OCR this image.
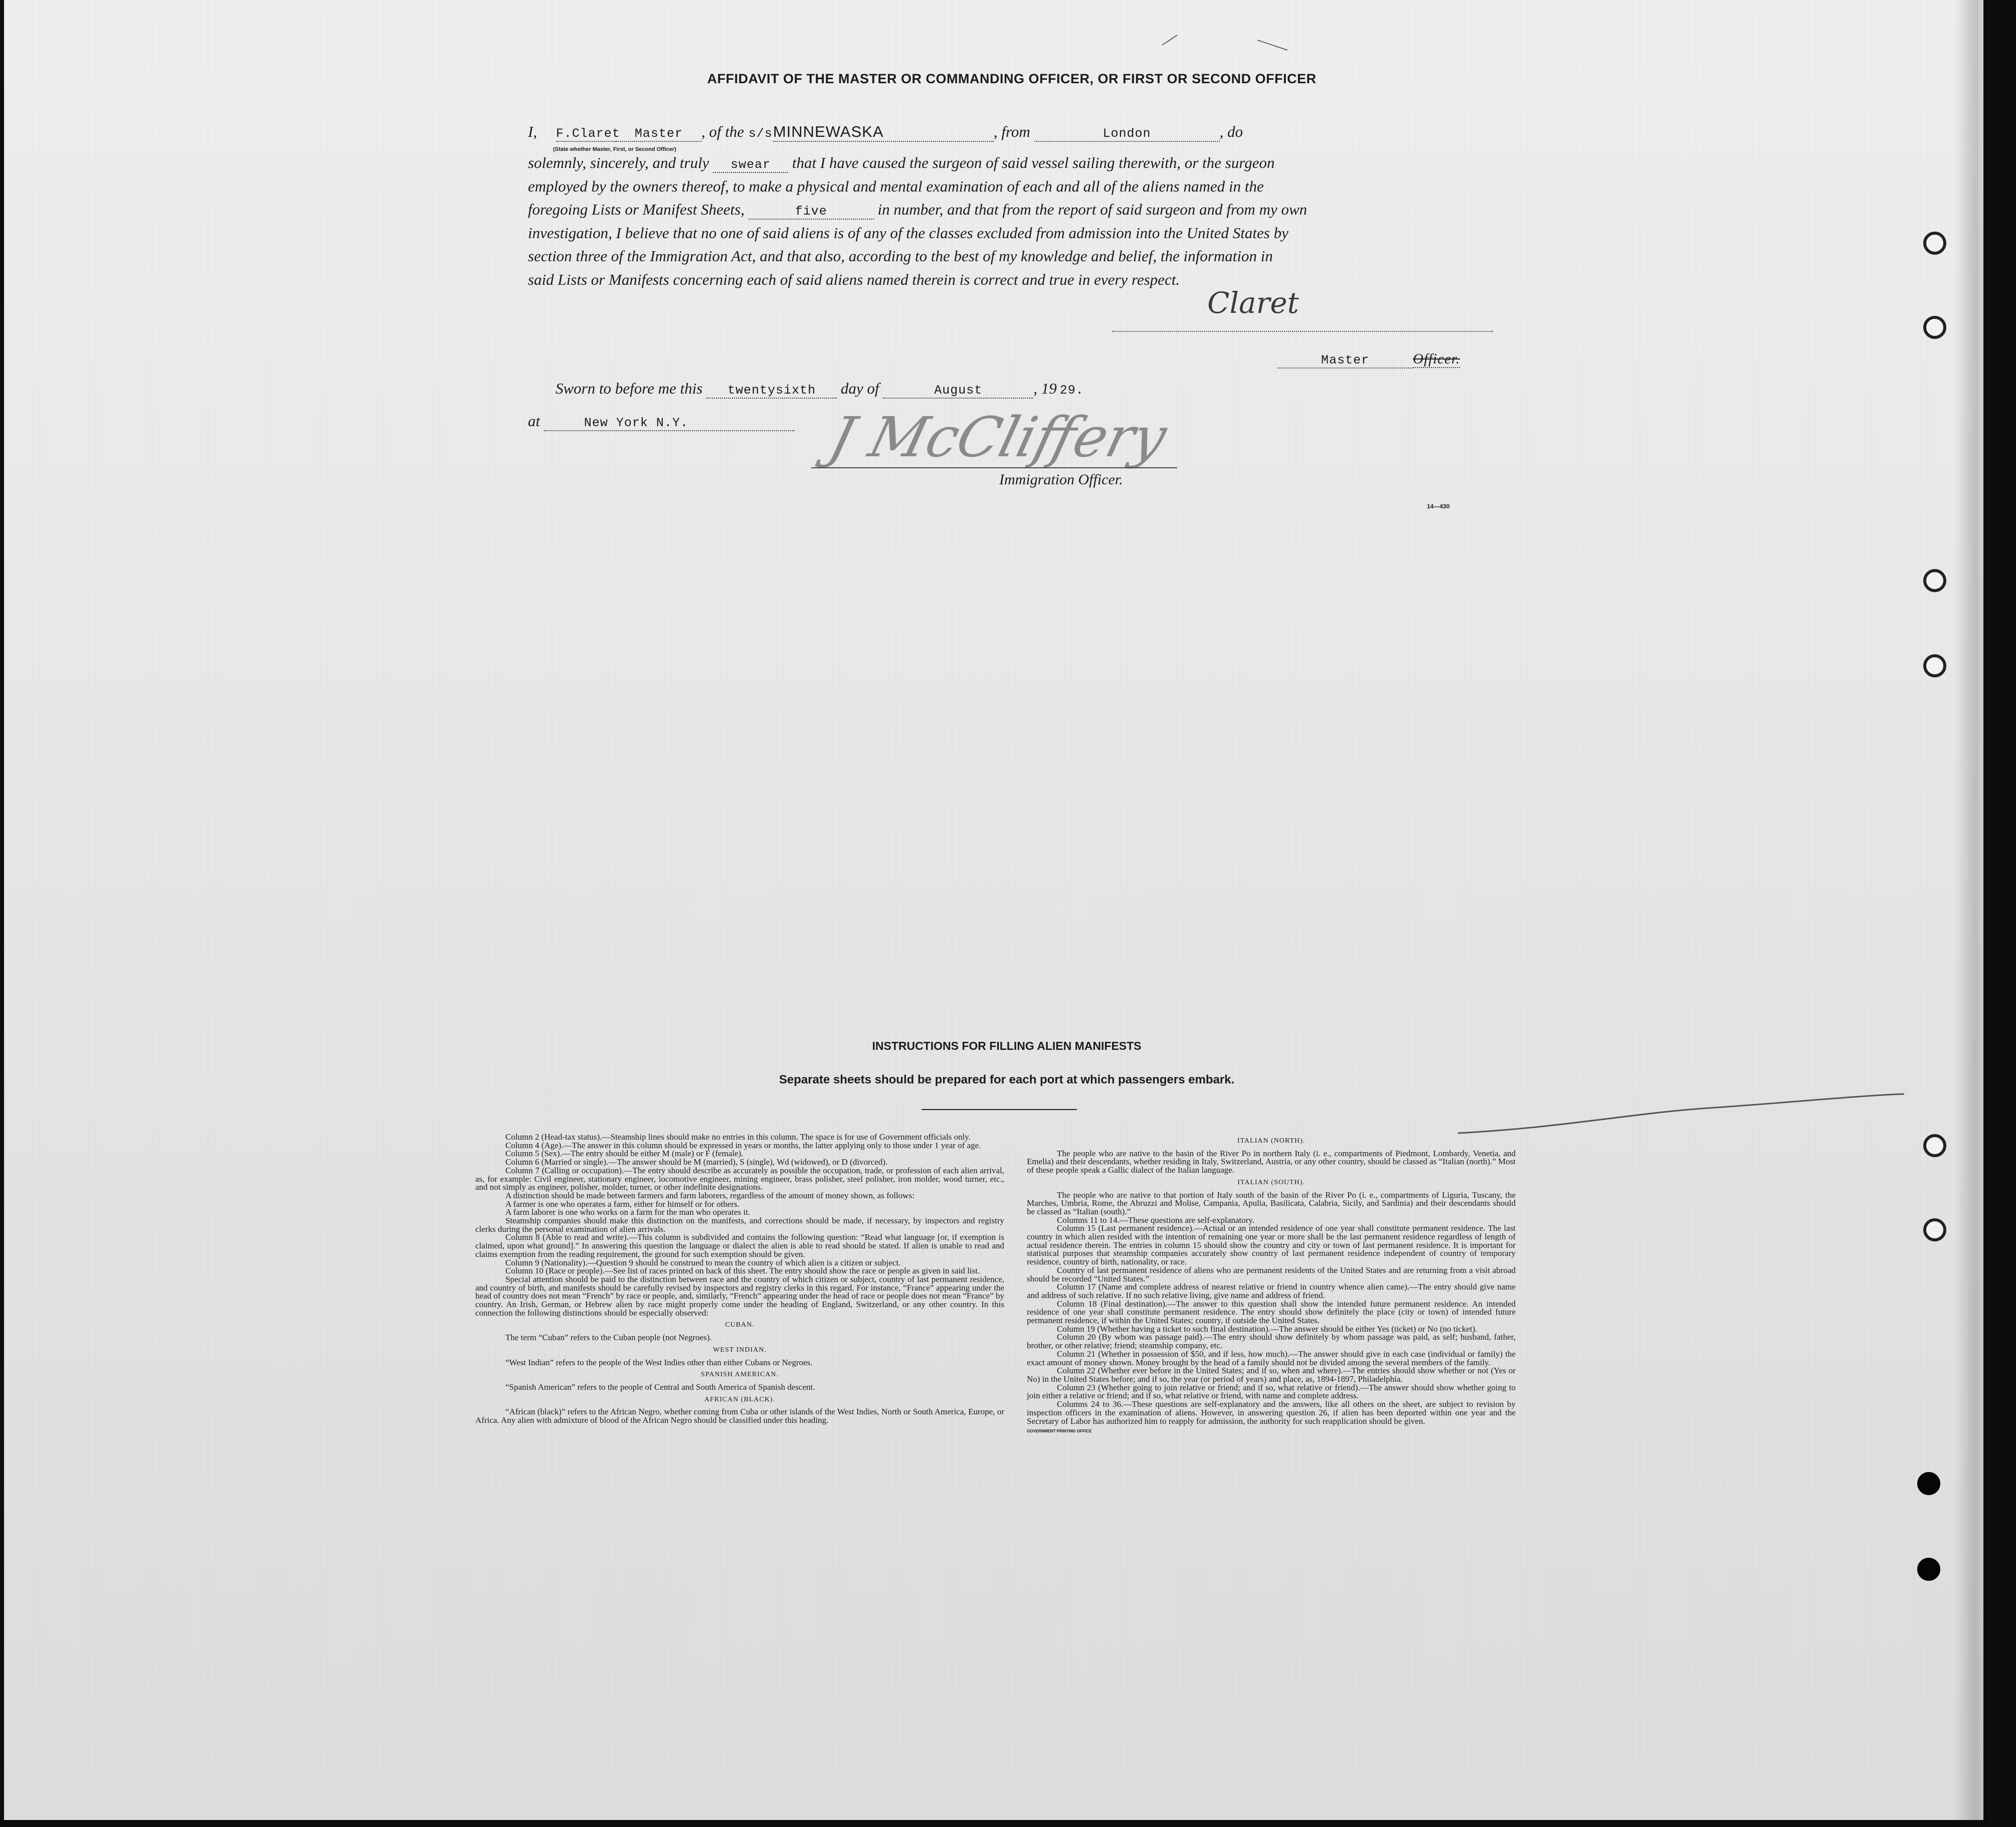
AFFIDAVIT OF THE MASTER OR COMMANDING OFFICER, OR FIRST OR SECOND OFFICER
I, F.Claret Master , of the s/sMINNEWASKA	, from	London	, do
(State whether Master, First, or Second Officer)
solemnly, sincerely, and truly swear that I have caused the surgeon of said vessel sailing therewith, or the surgeon
employed by the owners thereof, to make a physical and mental examination of each and all of the aliens named in the
foregoing Lists or Manifest Sheets,	five	in number, and that from the report of said surgeon and from my own
investigation, I believe that no one of said aliens is of any of the classes excluded from admission into the United States by
section three of the Immigration Act, and that also, according to the best of my knowledge and belief, the information in
said Lists or Manifests concerning each of said aliens named therein is correct and true in every respect.
Claret
Master	Officer.
Sworn to before me this twentysixth day of	August	, 19 29.
at	New York N.Y.	J McCliffery
Immigration Officer.
14—430
INSTRUCTIONS FOR FILLING ALIEN MANIFESTS
Separate sheets should be prepared for each port at which passengers embark.

Column 2 (Head-tax status).—Steamship lines should make no entries in this column. The space is for use of Government officials only.

Column 4 (Age).—The answer in this column should be expressed in years or months, the latter applying only to those under 1 year of age.

Column 5 (Sex).—The entry should be either M (male) or F (female).

Column 6 (Married or single).—The answer should be M (married), S (single), Wd (widowed), or D (divorced).

Column 7 (Calling or occupation).—The entry should describe as accurately as possible the occupation, trade, or profession of each alien arrival, as, for example: Civil engineer, stationary engineer, locomotive engineer, mining engineer, brass polisher, steel polisher, iron molder, wood turner, etc., and not simply as engineer, polisher, molder, turner, or other indefinite designations.

A distinction should be made between farmers and farm laborers, regardless of the amount of money shown, as follows:

A farmer is one who operates a farm, either for himself or for others.

A farm laborer is one who works on a farm for the man who operates it.

Steamship companies should make this distinction on the manifests, and corrections should be made, if necessary, by inspectors and registry clerks during the personal examination of alien arrivals.

Column 8 (Able to read and write).—This column is subdivided and contains the following question: “Read what language [or, if exemption is claimed, upon what ground].” In answering this question the language or dialect the alien is able to read should be stated. If alien is unable to read and claims exemption from the reading requirement, the ground for such exemption should be given.

Column 9 (Nationality).—Question 9 should be construed to mean the country of which alien is a citizen or subject.

Column 10 (Race or people).—See list of races printed on back of this sheet. The entry should show the race or people as given in said list.

Special attention should be paid to the distinction between race and the country of which citizen or subject, country of last permanent residence, and country of birth, and manifests should be carefully revised by inspectors and registry clerks in this regard. For instance, “France” appearing under the head of country does not mean “French” by race or people, and, similarly, “French” appearing under the head of race or people does not mean “France” by country. An Irish, German, or Hebrew alien by race might properly come under the heading of England, Switzerland, or any other country. In this connection the following distinctions should be especially observed:

CUBAN.

The term “Cuban” refers to the Cuban people (not Negroes).

WEST INDIAN.

“West Indian” refers to the people of the West Indies other than either Cubans or Negroes.

SPANISH AMERICAN.

“Spanish American” refers to the people of Central and South America of Spanish descent.

AFRICAN (BLACK).

“African (black)” refers to the African Negro, whether coming from Cuba or other islands of the West Indies, North or South America, Europe, or Africa. Any alien with admixture of blood of the African Negro should be classified under this heading.

ITALIAN (NORTH).

The people who are native to the basin of the River Po in northern Italy (i. e., compartments of Piedmont, Lombardy, Venetia, and Emelia) and their descendants, whether residing in Italy, Switzerland, Austria, or any other country, should be classed as “Italian (north).” Most of these people speak a Gallic dialect of the Italian language.

ITALIAN (SOUTH).

The people who are native to that portion of Italy south of the basin of the River Po (i. e., compartments of Liguria, Tuscany, the Marches, Umbria, Rome, the Abruzzi and Molise, Campania, Apulia, Basilicata, Calabria, Sicily, and Sardinia) and their descendants should be classed as “Italian (south).”

Columns 11 to 14.—These questions are self-explanatory.

Column 15 (Last permanent residence).—Actual or an intended residence of one year shall constitute permanent residence. The last country in which alien resided with the intention of remaining one year or more shall be the last permanent residence regardless of length of actual residence therein. The entries in column 15 should show the country and city or town of last permanent residence. It is important for statistical purposes that steamship companies accurately show country of last permanent residence independent of country of temporary residence, country of birth, nationality, or race.

Country of last permanent residence of aliens who are permanent residents of the United States and are returning from a visit abroad should be recorded “United States.”

Column 17 (Name and complete address of nearest relative or friend in country whence alien came).—The entry should give name and address of such relative. If no such relative living, give name and address of friend.

Column 18 (Final destination).—The answer to this question shall show the intended future permanent residence. An intended residence of one year shall constitute permanent residence. The entry should show definitely the place (city or town) of intended future permanent residence, if within the United States; country, if outside the United States.

Column 19 (Whether having a ticket to such final destination).—The answer should be either Yes (ticket) or No (no ticket).

Column 20 (By whom was passage paid).—The entry should show definitely by whom passage was paid, as self; husband, father, brother, or other relative; friend; steamship company, etc.

Column 21 (Whether in possession of $50, and if less, how much).—The answer should give in each case (individual or family) the exact amount of money shown. Money brought by the head of a family should not be divided among the several members of the family.

Column 22 (Whether ever before in the United States; and if so, when and where).—The entries should show whether or not (Yes or No) in the United States before; and if so, the year (or period of years) and place, as, 1894-1897, Philadelphia.

Column 23 (Whether going to join relative or friend; and if so, what relative or friend).—The answer should show whether going to join either a relative or friend; and if so, what relative or friend, with name and complete address.

Columns 24 to 36.—These questions are self-explanatory and the answers, like all others on the sheet, are subject to revision by inspection officers in the examination of aliens. However, in answering question 26, if alien has been deported within one year and the Secretary of Labor has authorized him to reapply for admission, the authority for such reapplication should be given.

GOVERNMENT PRINTING OFFICE
